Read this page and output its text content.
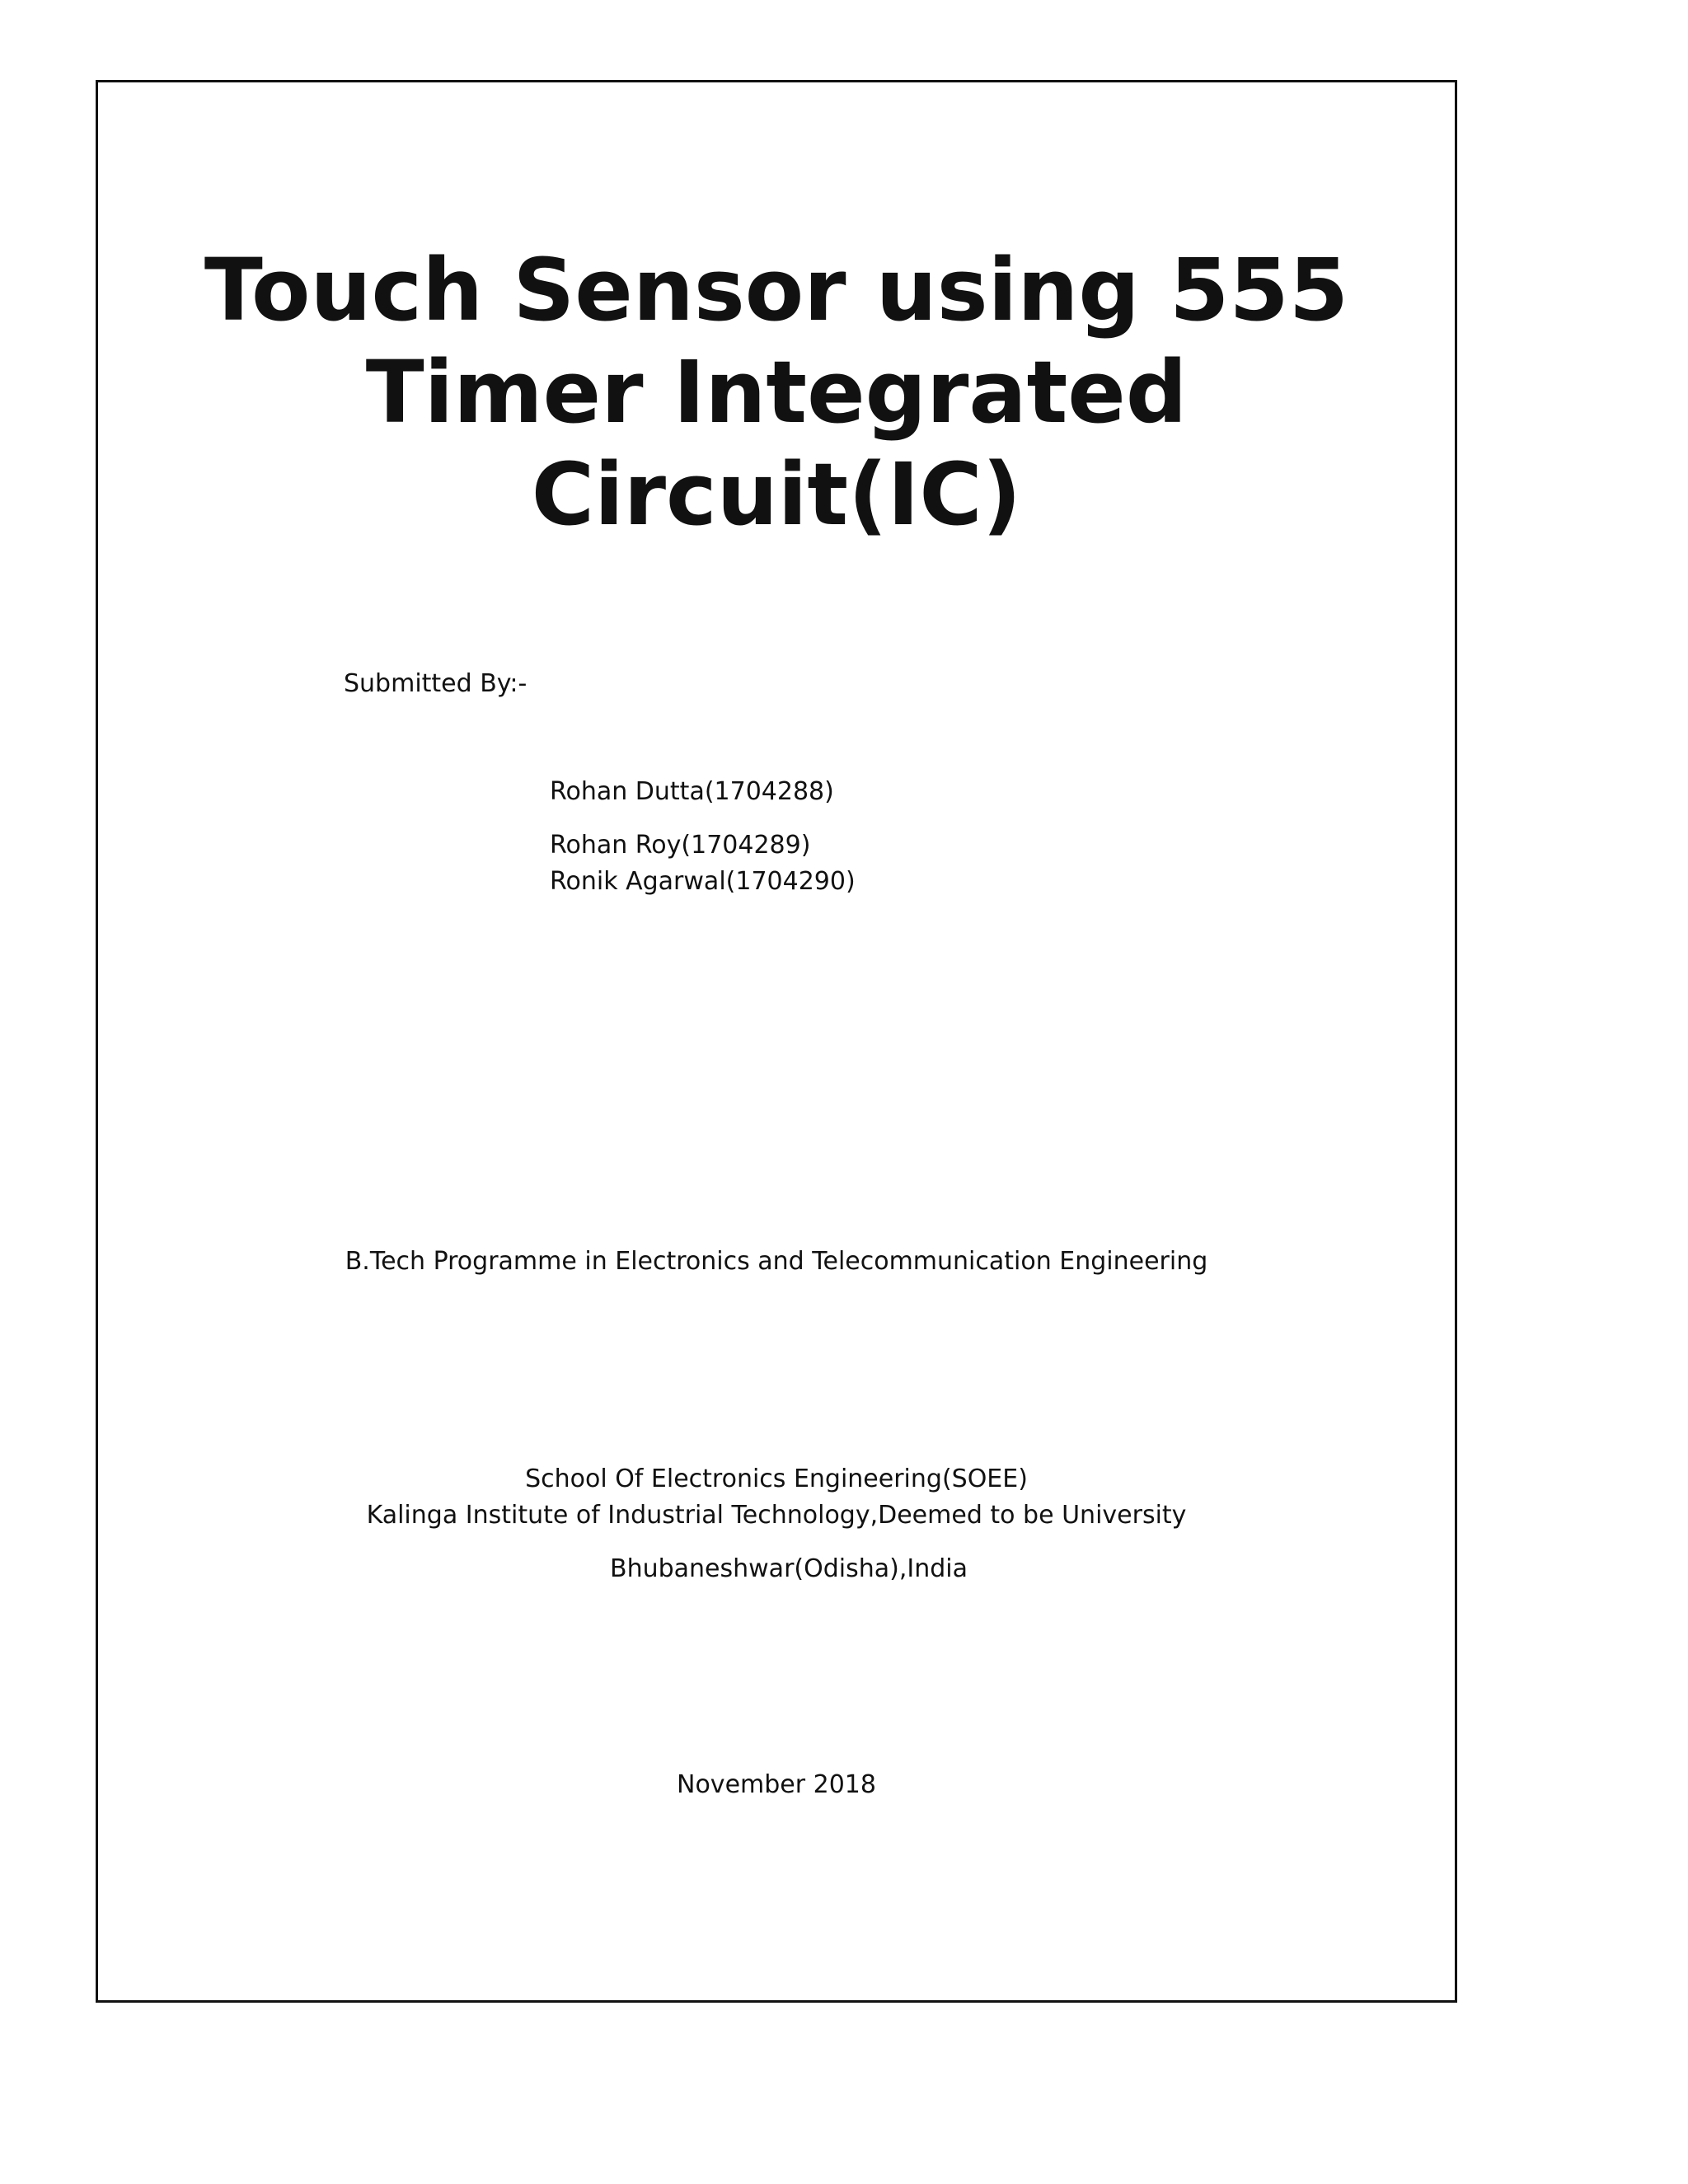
Touch Sensor using 555
Timer Integrated
Circuit(IC)
Submitted By:-
Rohan Dutta(1704288)
Rohan Roy(1704289)
Ronik Agarwal(1704290)
B.Tech Programme in Electronics and Telecommunication Engineering
School Of Electronics Engineering(SOEE)
Kalinga Institute of Industrial Technology,Deemed to be University
Bhubaneshwar(Odisha),India
November 2018
